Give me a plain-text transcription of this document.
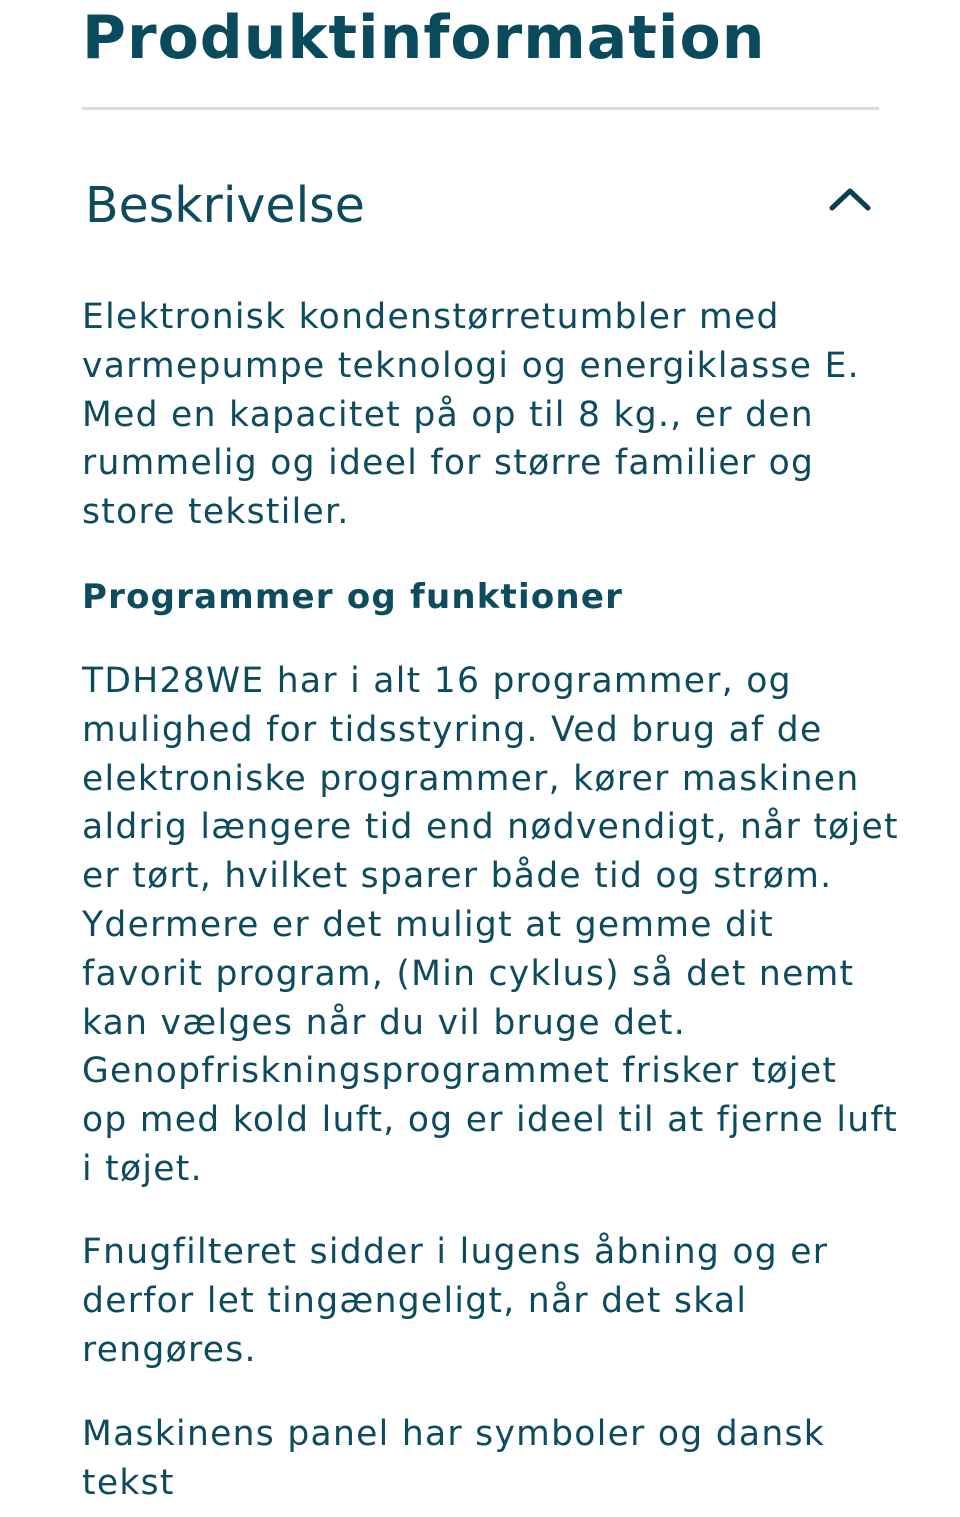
Produktinformation
Beskrivelse

Elektronisk kondenstørretumbler med
varmepumpe teknologi og energiklasse E.
Med en kapacitet på op til 8 kg., er den
rummelig og ideel for større familier og
store tekstiler.

Programmer og funktioner

TDH28WE har i alt 16 programmer, og
mulighed for tidsstyring. Ved brug af de
elektroniske programmer, kører maskinen
aldrig længere tid end nødvendigt, når tøjet
er tørt, hvilket sparer både tid og strøm.
Ydermere er det muligt at gemme dit
favorit program, (Min cyklus) så det nemt
kan vælges når du vil bruge det.
Genopfriskningsprogrammet frisker tøjet
op med kold luft, og er ideel til at fjerne luft
i tøjet.

Fnugfilteret sidder i lugens åbning og er
derfor let tingængeligt, når det skal
rengøres.

Maskinens panel har symboler og dansk
tekst
